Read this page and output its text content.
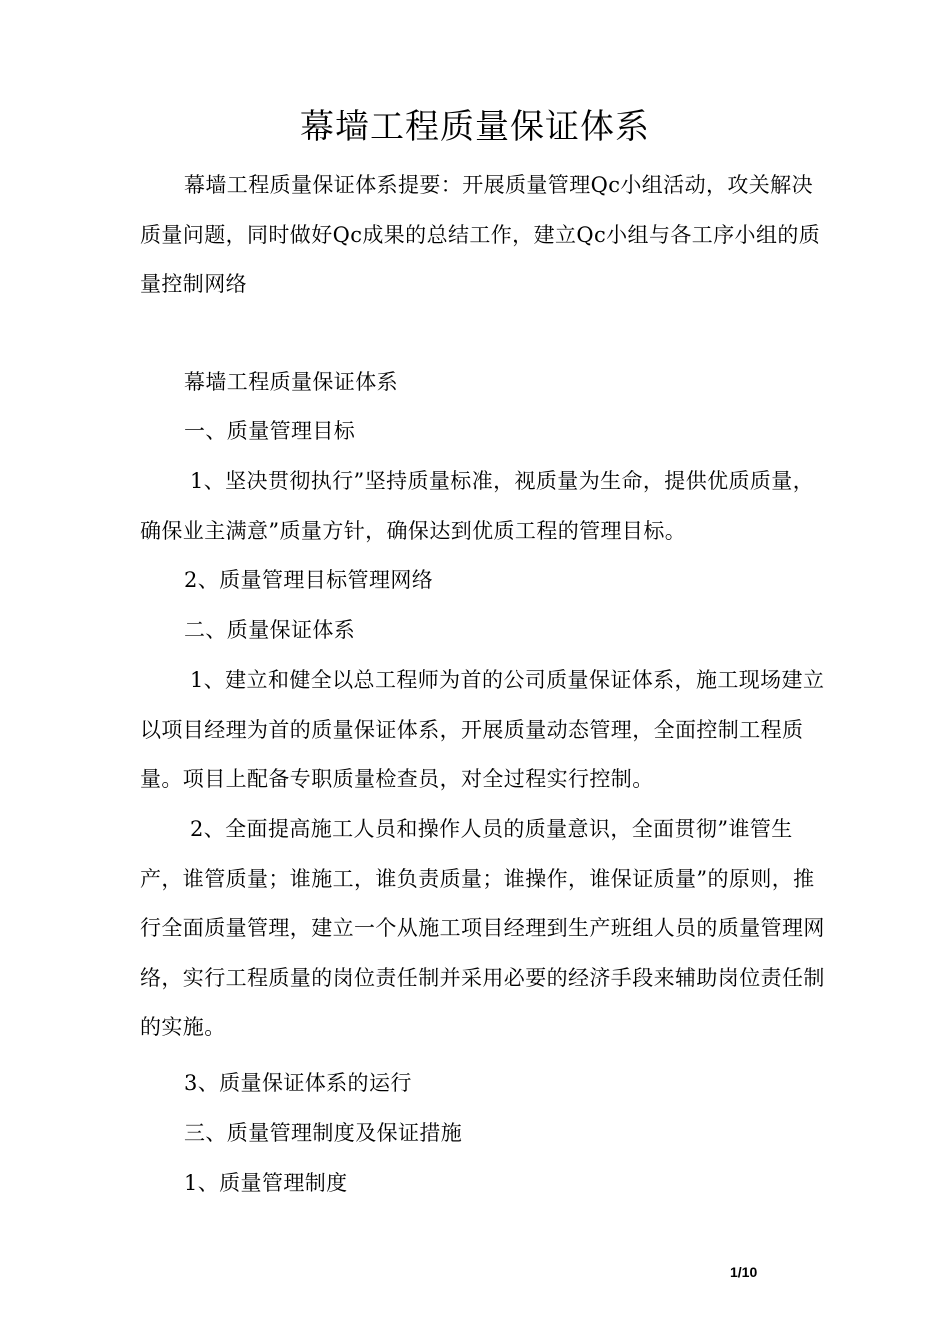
幕墙工程质量保证体系

幕墙工程质量保证体系提要：开展质量管理Qc小组活动，攻关解决质量问题，同时做好Qc成果的总结工作，建立Qc小组与各工序小组的质量控制网络

幕墙工程质量保证体系

一、质量管理目标

1、坚决贯彻执行”坚持质量标准，视质量为生命，提供优质质量，确保业主满意”质量方针，确保达到优质工程的管理目标。

2、质量管理目标管理网络

二、质量保证体系

1、建立和健全以总工程师为首的公司质量保证体系，施工现场建立以项目经理为首的质量保证体系，开展质量动态管理，全面控制工程质量。项目上配备专职质量检查员，对全过程实行控制。

2、全面提高施工人员和操作人员的质量意识，全面贯彻”谁管生产，谁管质量；谁施工，谁负责质量；谁操作，谁保证质量”的原则，推行全面质量管理，建立一个从施工项目经理到生产班组人员的质量管理网络，实行工程质量的岗位责任制并采用必要的经济手段来辅助岗位责任制的实施。

3、质量保证体系的运行

三、质量管理制度及保证措施

1、质量管理制度

1/10
